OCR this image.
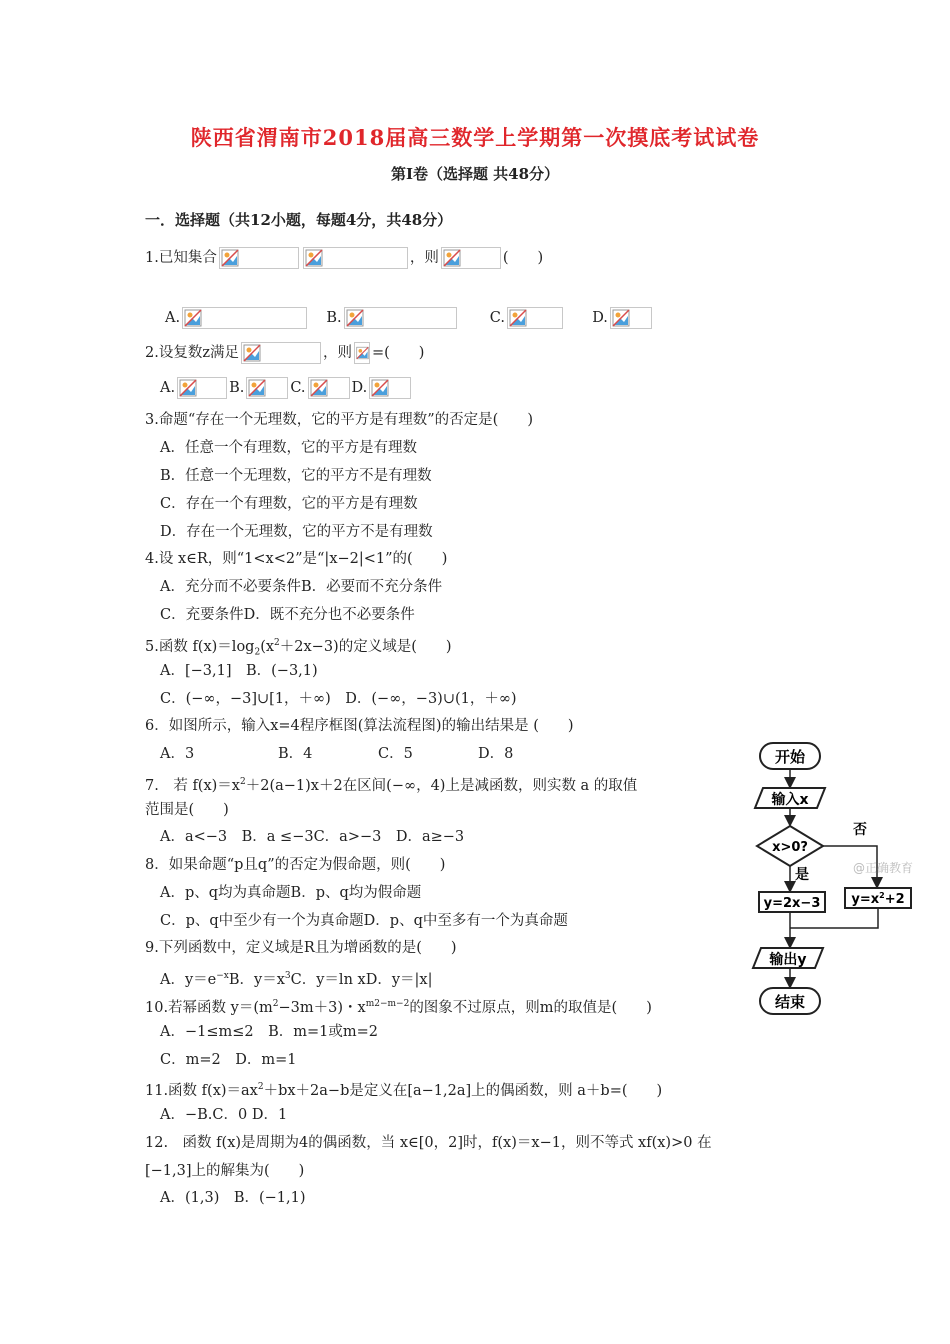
陕西省渭南市2018届高三数学上学期第一次摸底考试试卷
第Ⅰ卷（选择题 共48分）
一．选择题（共12小题，每题4分，共48分）
1.已知集合	，则	(　　)
A.	B.	C.	D.
2.设复数z满足	，则 =(　　)
A.	B.	C.	D.
3.命题“存在一个无理数，它的平方是有理数”的否定是(　　)
A．任意一个有理数，它的平方是有理数
B．任意一个无理数，它的平方不是有理数
C．存在一个有理数，它的平方是有理数
D．存在一个无理数，它的平方不是有理数
4.设 x∈R，则“1<x<2”是“|x−2|<1”的(　　)
A．充分而不必要条件B．必要而不充分条件
C．充要条件D．既不充分也不必要条件
5.函数 $f(x)=\log_2(x^2+2x-3)$的定义域是(　　)
A．[−3,1]　B．(−3,1)
C．(−∞，−3]∪[1，＋∞)　D．(−∞，−3)∪(1，＋∞)
6．如图所示，输入x=4程序框图(算法流程图)的输出结果是 (　　)
A．3	B．4	C．5	D．8
7.　若 $f(x)=x^2+2(a-1)x+2$在区间(−∞，4)上是减函数，则实数 a 的取值
范围是(　　)
A．a<−3　B．a ≤−3C．a>−3　D．a≥−3
8．如果命题“p且q”的否定为假命题，则(　　)
A．p、q均为真命题B．p、q均为假命题
C．p、q中至少有一个为真命题D．p、q中至多有一个为真命题
9.下列函数中，定义域是R且为增函数的是(　　)
A．$y=e^{-x}B$．$y=x^3C$．y＝ln xD．y＝|x|
10.若幂函数 $y=(m^2-3m+3)$・$x^{m2-m-2}$的图象不过原点，则m的取值是(　　)
A．−1≤m≤2　B．m=1或m=2
C．m=2　D．m=1
11.函数 $f(x)=ax^2+bx+2a-b$是定义在[a−1,2a]上的偶函数，则 a＋b=(　　)
A．−B.C．0 D．1
12.　函数 f(x)是周期为4的偶函数，当 x∈[0，2]时，f(x)＝x−1，则不等式 xf(x)>0 在
[−1,3]上的解集为(　　)
A．(1,3)　B．(−1,1)
开始
输入x
x>0?
否
$y=x^2+2$
是
y=2x−3
输出y
结束
@正确教育
